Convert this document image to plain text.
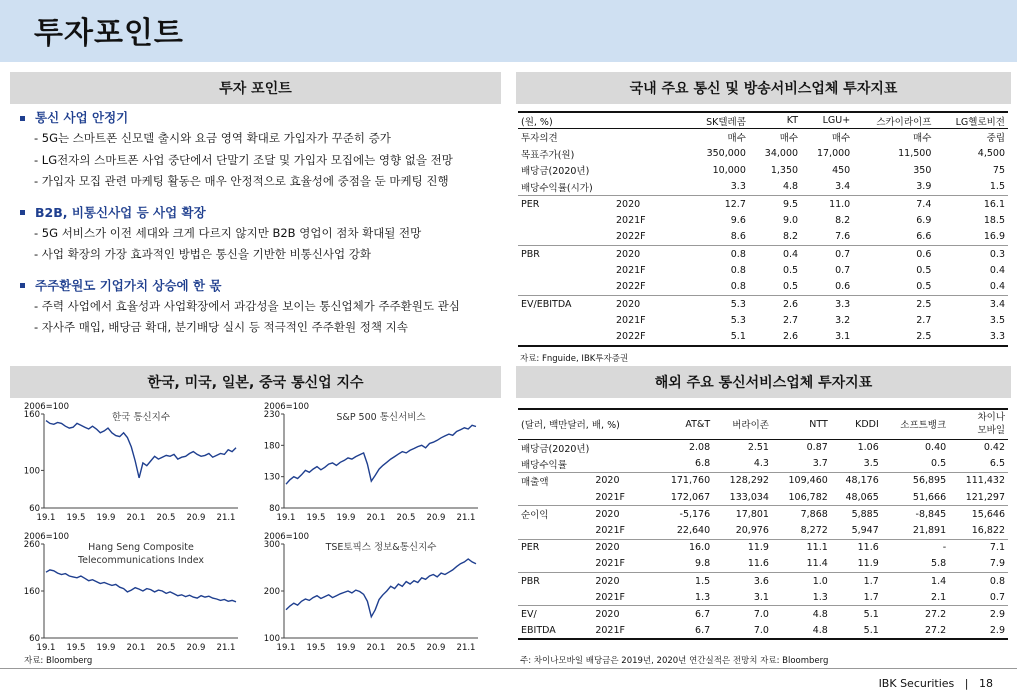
투자포인트
투자 포인트
통신 사업 안정기
- 5G는 스마트폰 신모델 출시와 요금 영역 확대로 가입자가 꾸준히 증가
- LG전자의 스마트폰 사업 중단에서 단말기 조달 및 가입자 모집에는 영향 없을 전망
- 가입자 모집 관련 마케팅 활동은 매우 안정적으로 효율성에 중점을 둔 마케팅 진행
B2B, 비통신사업 등 사업 확장
- 5G 서비스가 이전 세대와 크게 다르지 않지만 B2B 영업이 점차 확대될 전망
- 사업 확장의 가장 효과적인 방법은 통신을 기반한 비통신사업 강화
주주환원도 기업가치 상승에 한 몫
- 주력 사업에서 효율성과 사업확장에서 과감성을 보이는 통신업체가 주주환원도 관심
- 자사주 매입, 배당금 확대, 분기배당 실시 등 적극적인 주주환원 정책 지속
국내 주요 통신 및 방송서비스업체 투자지표
(원, %)		SK텔레콤	KT	LGU+	스카이라이프	LG헬로비전
투자의견		매수	매수	매수	매수	중립
목표주가(원)		350,000	34,000	17,000	11,500	4,500
배당금(2020년)		10,000	1,350	450	350	75
배당수익률(시가)		3.3	4.8	3.4	3.9	1.5
PER	2020	12.7	9.5	11.0	7.4	16.1
	2021F	9.6	9.0	8.2	6.9	18.5
	2022F	8.6	8.2	7.6	6.6	16.9
PBR	2020	0.8	0.4	0.7	0.6	0.3
	2021F	0.8	0.5	0.7	0.5	0.4
	2022F	0.8	0.5	0.6	0.5	0.4
EV/EBITDA	2020	5.3	2.6	3.3	2.5	3.4
	2021F	5.3	2.7	3.2	2.7	3.5
	2022F	5.1	2.6	3.1	2.5	3.3
자료: Fnguide, IBK투자증권
한국, 미국, 일본, 중국 통신업 지수
2006=100
한국 통신지수
60
100
160
19.1 19.5 19.9 20.1 20.5 20.9 21.1
2006=100
S&P 500 통신서비스
80
130
180
230
19.1 19.5 19.9 20.1 20.5 20.9 21.1
2006=100
Hang Seng Composite
Telecommunications Index
60
160
260
19.1 19.5 19.9 20.1 20.5 20.9 21.1
2006=100
TSE토픽스 정보&통신지수
100
200
300
19.1 19.5 19.9 20.1 20.5 20.9 21.1
자료: Bloomberg
해외 주요 통신서비스업체 투자지표
(달러, 백만달러, 배, %)		AT&T	버라이존	NTT	KDDI	소프트뱅크	차이나
모바일

배당금(2020년)		2.08	2.51	0.87	1.06	0.40	0.42
배당수익률		6.8	4.3	3.7	3.5	0.5	6.5
매출액	2020	171,760	128,292	109,460	48,176	56,895	111,432
	2021F	172,067	133,034	106,782	48,065	51,666	121,297
순이익	2020	-5,176	17,801	7,868	5,885	-8,845	15,646
	2021F	22,640	20,976	8,272	5,947	21,891	16,822
PER	2020	16.0	11.9	11.1	11.6	-	7.1
	2021F	9.8	11.6	11.4	11.9	5.8	7.9
PBR	2020	1.5	3.6	1.0	1.7	1.4	0.8
	2021F	1.3	3.1	1.3	1.7	2.1	0.7
EV/	2020	6.7	7.0	4.8	5.1	27.2	2.9
EBITDA	2021F	6.7	7.0	4.8	5.1	27.2	2.9
주: 차이나모바일 배당금은 2019년, 2020년 연간실적은 전망치 자료: Bloomberg
IBK Securities | 18
